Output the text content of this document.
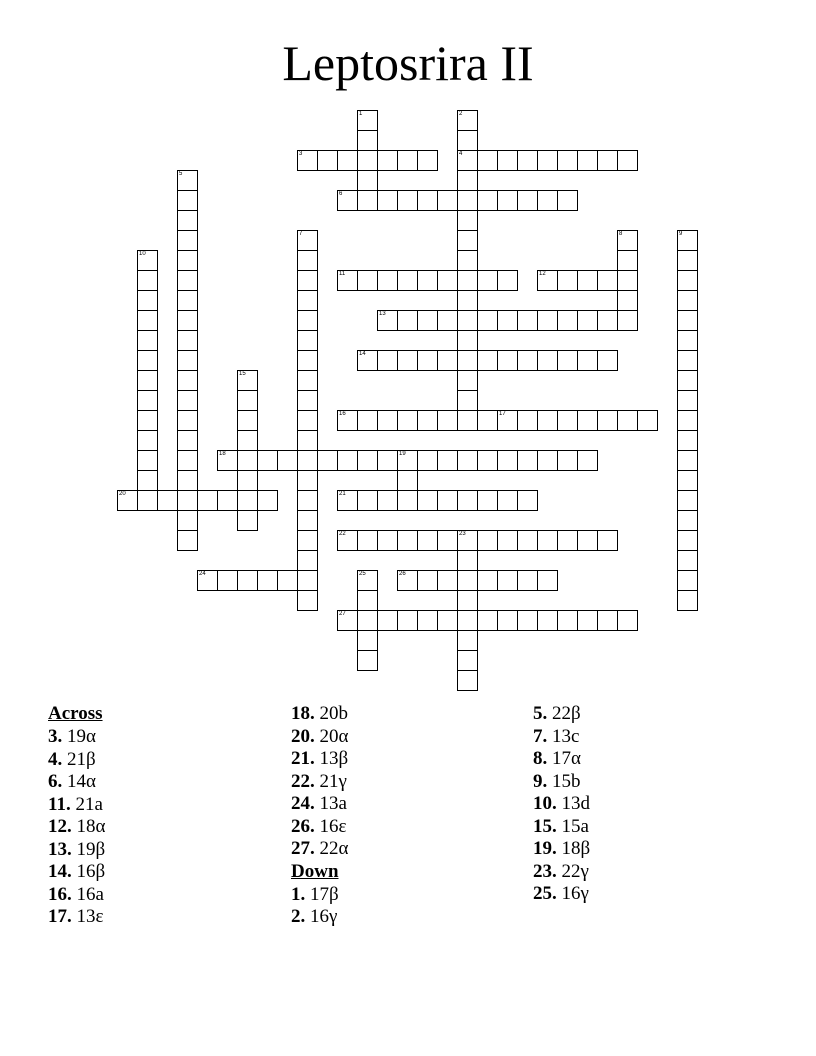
Leptosrira II
3	4
6
11	12
13
14
16	17
18	19
20	21
22	23
24	26
27
1	2
5
7	8	9
10
15
25
Across
3. 19α
4. 21β
6. 14α
11. 21a
12. 18α
13. 19β
14. 16β
16. 16a
17. 13ε
18. 20b
20. 20α
21. 13β
22. 21γ
24. 13a
26. 16ε
27. 22α
Down
1. 17β
2. 16γ
5. 22β
7. 13c
8. 17α
9. 15b
10. 13d
15. 15a
19. 18β
23. 22γ
25. 16γ
